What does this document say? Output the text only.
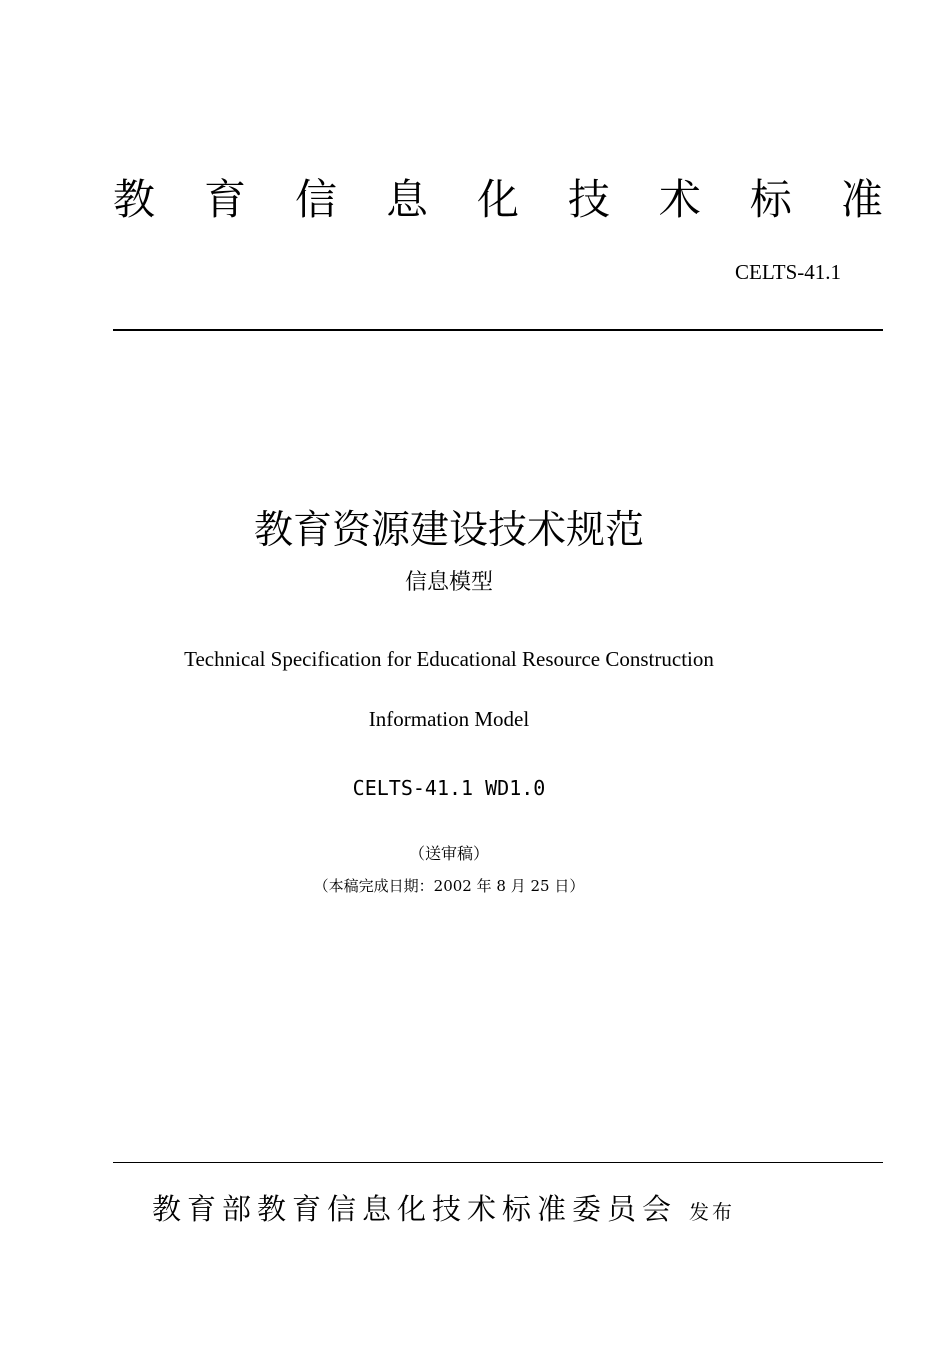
教 育 信 息 化 技 术 标 准
CELTS-41.1
教育资源建设技术规范
信息模型
Technical Specification for Educational Resource Construction
Information Model
CELTS-41.1 WD1.0
（送审稿）
（本稿完成日期：2002 年 8 月 25 日）
教育部教育信息化技术标准委员会 发布
